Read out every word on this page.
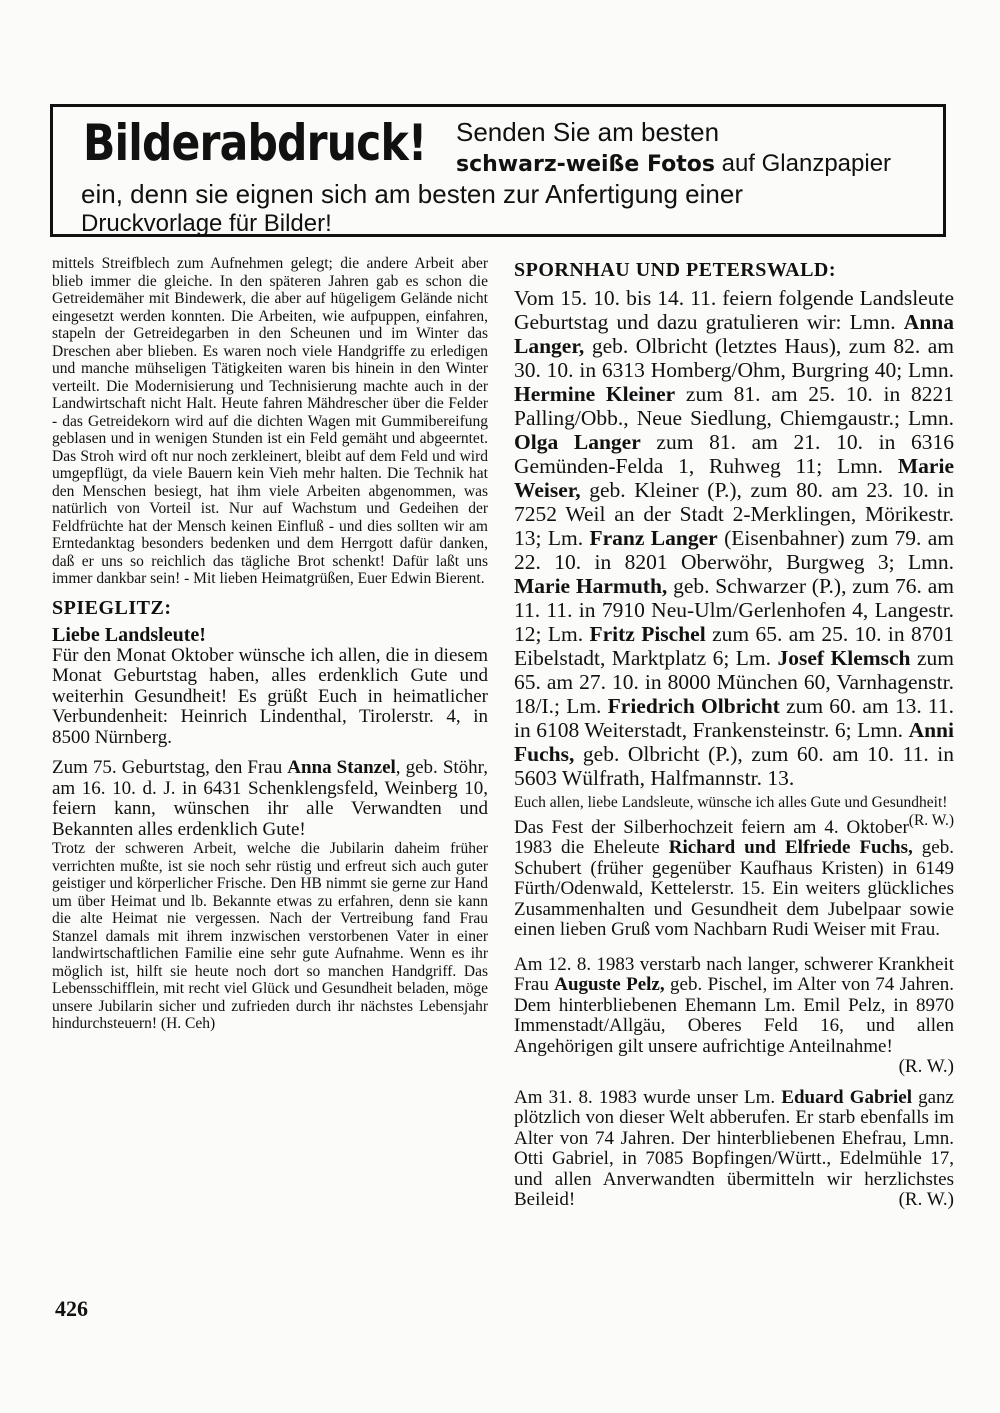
Bilderabdruck! Senden Sie am besten
schwarz-weiße Fotos auf Glanzpapier
ein, denn sie eignen sich am besten zur Anfertigung einer
Druckvorlage für Bilder!

mittels Streifblech zum Aufnehmen gelegt; die andere Arbeit aber blieb immer die gleiche. In den späteren Jahren gab es schon die Getreidemäher mit Bindewerk, die aber auf hügeligem Gelände nicht eingesetzt werden konnten. Die Arbeiten, wie aufpuppen, einfahren, stapeln der Getreidegarben in den Scheunen und im Winter das Dreschen aber blieben. Es waren noch viele Handgriffe zu erledigen und manche mühseligen Tätigkeiten waren bis hinein in den Winter verteilt. Die Modernisierung und Technisierung machte auch in der Landwirtschaft nicht Halt. Heute fahren Mähdrescher über die Felder - das Getreidekorn wird auf die dichten Wagen mit Gummibereifung geblasen und in wenigen Stunden ist ein Feld gemäht und abgeerntet. Das Stroh wird oft nur noch zerkleinert, bleibt auf dem Feld und wird umgepflügt, da viele Bauern kein Vieh mehr halten. Die Technik hat den Menschen besiegt, hat ihm viele Arbeiten abgenommen, was natürlich von Vorteil ist. Nur auf Wachstum und Gedeihen der Feldfrüchte hat der Mensch keinen Einfluß - und dies sollten wir am Erntedanktag besonders bedenken und dem Herrgott dafür danken, daß er uns so reichlich das tägliche Brot schenkt! Dafür laßt uns immer dankbar sein! - Mit lieben Heimatgrüßen, Euer Edwin Bierent.

SPIEGLITZ:
Liebe Landsleute!

Für den Monat Oktober wünsche ich allen, die in diesem Monat Geburtstag haben, alles erdenklich Gute und weiterhin Gesundheit! Es grüßt Euch in heimatlicher Verbundenheit: Heinrich Lindenthal, Tirolerstr. 4, in 8500 Nürnberg.

Zum 75. Geburtstag, den Frau Anna Stanzel, geb. Stöhr, am 16. 10. d. J. in 6431 Schenklengsfeld, Weinberg 10, feiern kann, wünschen ihr alle Verwandten und Bekannten alles erdenklich Gute!

Trotz der schweren Arbeit, welche die Jubilarin daheim früher verrichten mußte, ist sie noch sehr rüstig und erfreut sich auch guter geistiger und körperlicher Frische. Den HB nimmt sie gerne zur Hand um über Heimat und lb. Bekannte etwas zu erfahren, denn sie kann die alte Heimat nie vergessen. Nach der Vertreibung fand Frau Stanzel damals mit ihrem inzwischen verstorbenen Vater in einer landwirtschaftlichen Familie eine sehr gute Aufnahme. Wenn es ihr möglich ist, hilft sie heute noch dort so manchen Handgriff. Das Lebensschifflein, mit recht viel Glück und Gesundheit beladen, möge unsere Jubilarin sicher und zufrieden durch ihr nächstes Lebensjahr hindurchsteuern! (H. Ceh)

SPORNHAU UND PETERSWALD:

Vom 15. 10. bis 14. 11. feiern folgende Landsleute Geburtstag und dazu gratulieren wir: Lmn. Anna Langer, geb. Olbricht (letztes Haus), zum 82. am 30. 10. in 6313 Homberg/Ohm, Burgring 40; Lmn. Hermine Kleiner zum 81. am 25. 10. in 8221 Palling/Obb., Neue Siedlung, Chiemgaustr.; Lmn. Olga Langer zum 81. am 21. 10. in 6316 Gemünden-Felda 1, Ruhweg 11; Lmn. Marie Weiser, geb. Kleiner (P.), zum 80. am 23. 10. in 7252 Weil an der Stadt 2-Merklingen, Mörikestr. 13; Lm. Franz Langer (Eisenbahner) zum 79. am 22. 10. in 8201 Oberwöhr, Burgweg 3; Lmn. Marie Harmuth, geb. Schwarzer (P.), zum 76. am 11. 11. in 7910 Neu-Ulm/Gerlenhofen 4, Langestr. 12; Lm. Fritz Pischel zum 65. am 25. 10. in 8701 Eibelstadt, Marktplatz 6; Lm. Josef Klemsch zum 65. am 27. 10. in 8000 München 60, Varnhagenstr. 18/I.; Lm. Friedrich Olbricht zum 60. am 13. 11. in 6108 Weiterstadt, Frankensteinstr. 6; Lmn. Anni Fuchs, geb. Olbricht (P.), zum 60. am 10. 11. in 5603 Wülfrath, Halfmannstr. 13.

Euch allen, liebe Landsleute, wünsche ich alles Gute und Gesundheit!
(R. W.)

Das Fest der Silberhochzeit feiern am 4. Oktober 1983 die Eheleute Richard und Elfriede Fuchs, geb. Schubert (früher gegenüber Kaufhaus Kristen) in 6149 Fürth/Odenwald, Kettelerstr. 15. Ein weiters glückliches Zusammenhalten und Gesundheit dem Jubelpaar sowie einen lieben Gruß vom Nachbarn Rudi Weiser mit Frau.

Am 12. 8. 1983 verstarb nach langer, schwerer Krankheit Frau Auguste Pelz, geb. Pischel, im Alter von 74 Jahren. Dem hinterbliebenen Ehemann Lm. Emil Pelz, in 8970 Immenstadt/Allgäu, Oberes Feld 16, und allen Angehörigen gilt unsere aufrichtige Anteilnahme!
(R. W.)

Am 31. 8. 1983 wurde unser Lm. Eduard Gabriel ganz plötzlich von dieser Welt abberufen. Er starb ebenfalls im Alter von 74 Jahren. Der hinterbliebenen Ehefrau, Lmn. Otti Gabriel, in 7085 Bopfingen/Württ., Edelmühle 17, und allen Anverwandten übermitteln wir herzlichstes Beileid!	(R. W.)

426
